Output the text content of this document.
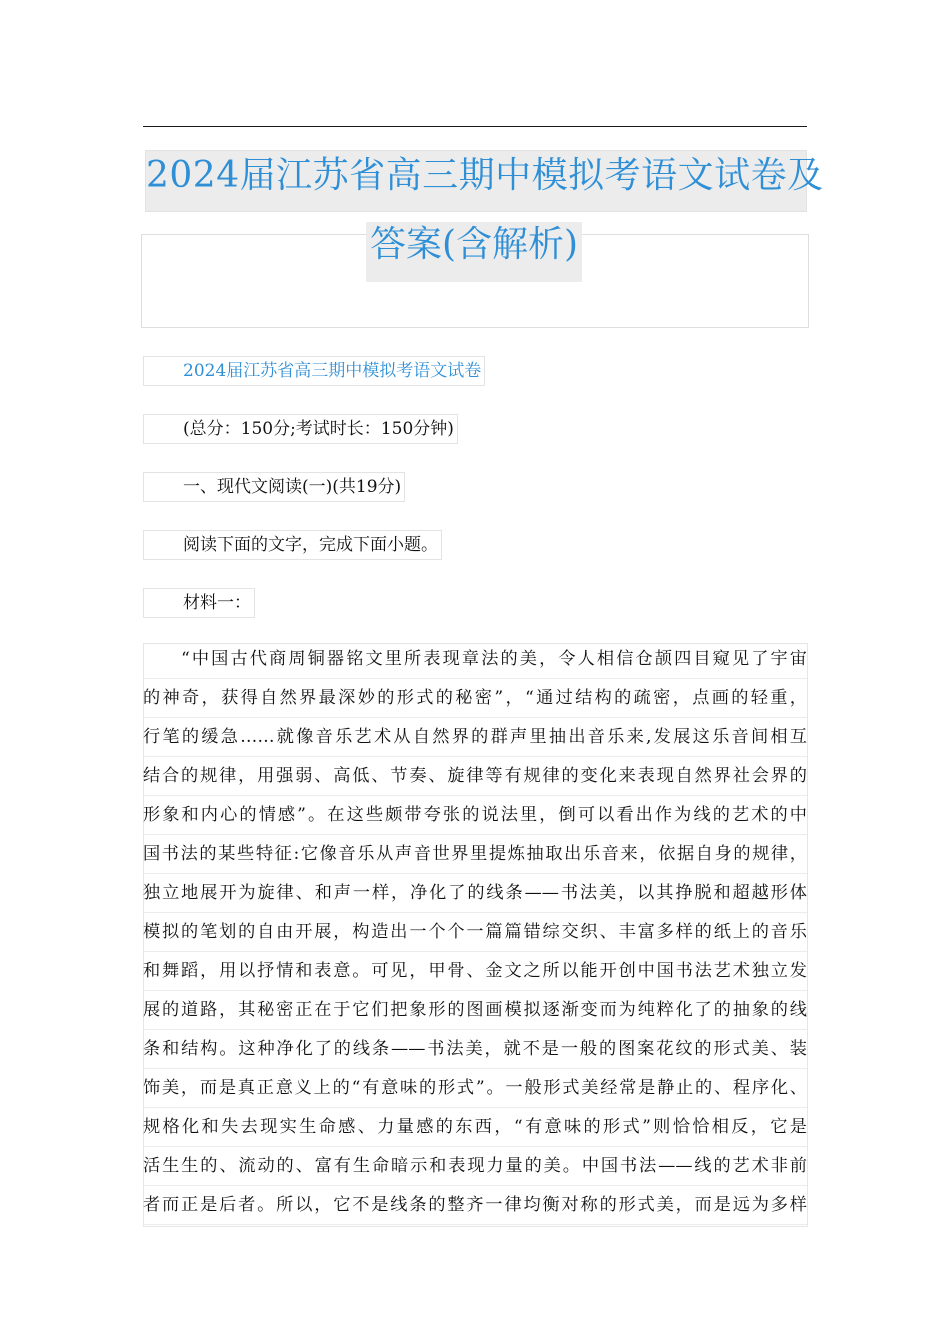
2024届江苏省高三期中模拟考语文试卷及
答案(含解析)
2024届江苏省高三期中模拟考语文试卷
(总分：150分;考试时长：150分钟)
一、现代文阅读(一)(共19分)
阅读下面的文字，完成下面小题。
材料一：
“中国古代商周铜器铭文里所表现章法的美，令人相信仓颉四目窥见了宇宙
的神奇，获得自然界最深妙的形式的秘密”，“通过结构的疏密，点画的轻重，
行笔的缓急……就像音乐艺术从自然界的群声里抽出音乐来,发展这乐音间相互
结合的规律，用强弱、高低、节奏、旋律等有规律的变化来表现自然界社会界的
形象和内心的情感”。在这些颇带夸张的说法里，倒可以看出作为线的艺术的中
国书法的某些特征:它像音乐从声音世界里提炼抽取出乐音来，依据自身的规律，
独立地展开为旋律、和声一样，净化了的线条——书法美，以其挣脱和超越形体
模拟的笔划的自由开展，构造出一个个一篇篇错综交织、丰富多样的纸上的音乐
和舞蹈，用以抒情和表意。可见，甲骨、金文之所以能开创中国书法艺术独立发
展的道路，其秘密正在于它们把象形的图画模拟逐渐变而为纯粹化了的抽象的线
条和结构。这种净化了的线条——书法美，就不是一般的图案花纹的形式美、装
饰美，而是真正意义上的“有意味的形式”。一般形式美经常是静止的、程序化、
规格化和失去现实生命感、力量感的东西，“有意味的形式”则恰恰相反，它是
活生生的、流动的、富有生命暗示和表现力量的美。中国书法——线的艺术非前
者而正是后者。所以，它不是线条的整齐一律均衡对称的形式美，而是远为多样
